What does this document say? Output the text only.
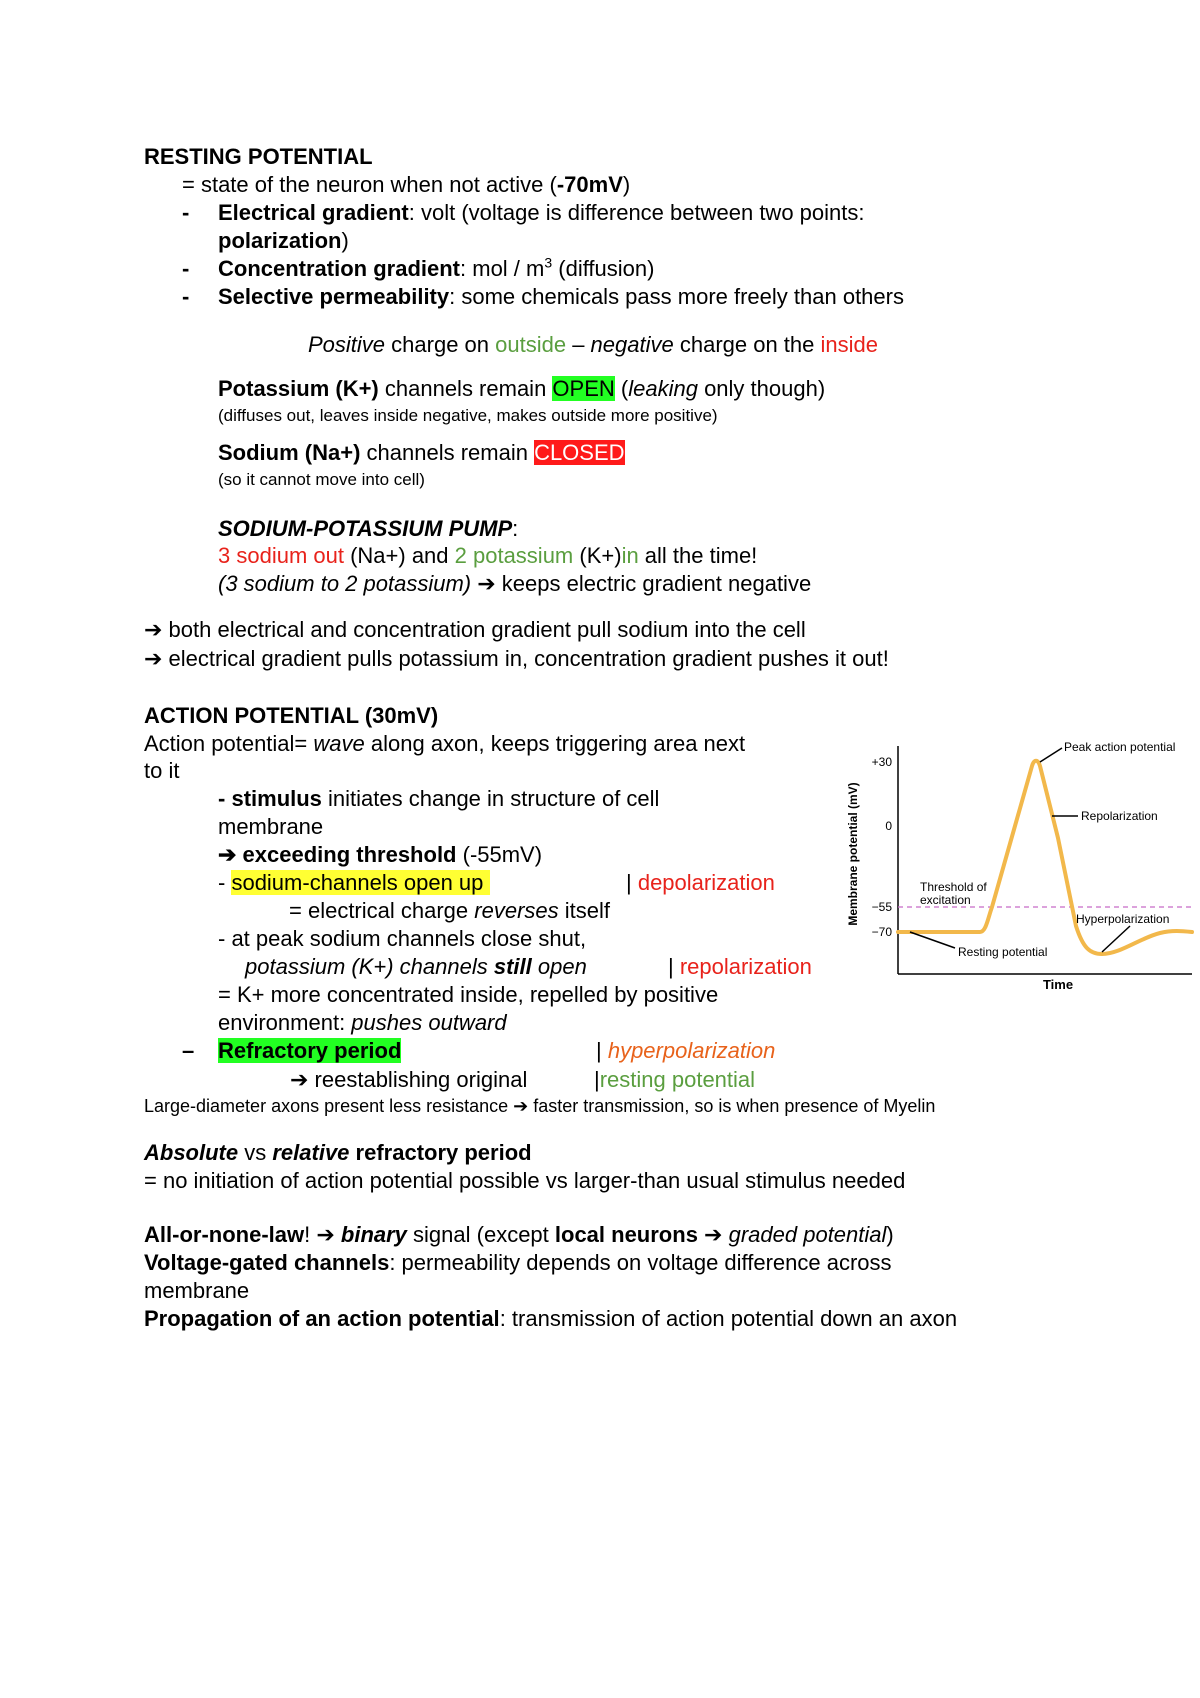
RESTING POTENTIAL
= state of the neuron when not active (-70mV)
- Electrical gradient: volt (voltage is difference between two points:
polarization)
- Concentration gradient: mol / $m^3$ (diffusion)
- Selective permeability: some chemicals pass more freely than others
Positive charge on outside – negative charge on the inside
Potassium (K+) channels remain OPEN (leaking only though)
(diffuses out, leaves inside negative, makes outside more positive)
Sodium (Na+) channels remain CLOSED
(so it cannot move into cell)
SODIUM-POTASSIUM PUMP:
3 sodium out (Na+) and 2 potassium (K+)in all the time!
(3 sodium to 2 potassium) ➔ keeps electric gradient negative
➔ both electrical and concentration gradient pull sodium into the cell
➔ electrical gradient pulls potassium in, concentration gradient pushes it out!
ACTION POTENTIAL (30mV)
Action potential= wave along axon, keeps triggering area next
to it
- stimulus initiates change in structure of cell
membrane
➔ exceeding threshold (-55mV)
- sodium-channels open up	| depolarization
= electrical charge reverses itself
- at peak sodium channels close shut,
potassium (K+) channels still open	| repolarization
= K+ more concentrated inside, repelled by positive
environment: pushes outward
– Refractory period	| hyperpolarization
➔ reestablishing original	|resting potential
Large-diameter axons present less resistance ➔ faster transmission, so is when presence of Myelin
Absolute vs relative refractory period
= no initiation of action potential possible vs larger-than usual stimulus needed
All-or-none-law! ➔ binary signal (except local neurons ➔ graded potential)
Voltage-gated channels: permeability depends on voltage difference across
membrane
Propagation of an action potential: transmission of action potential down an axon
+30
0
−55
−70
Membrane potential (mV)
Time
Peak action potential
Repolarization
Threshold of
excitation
Hyperpolarization
Resting potential
